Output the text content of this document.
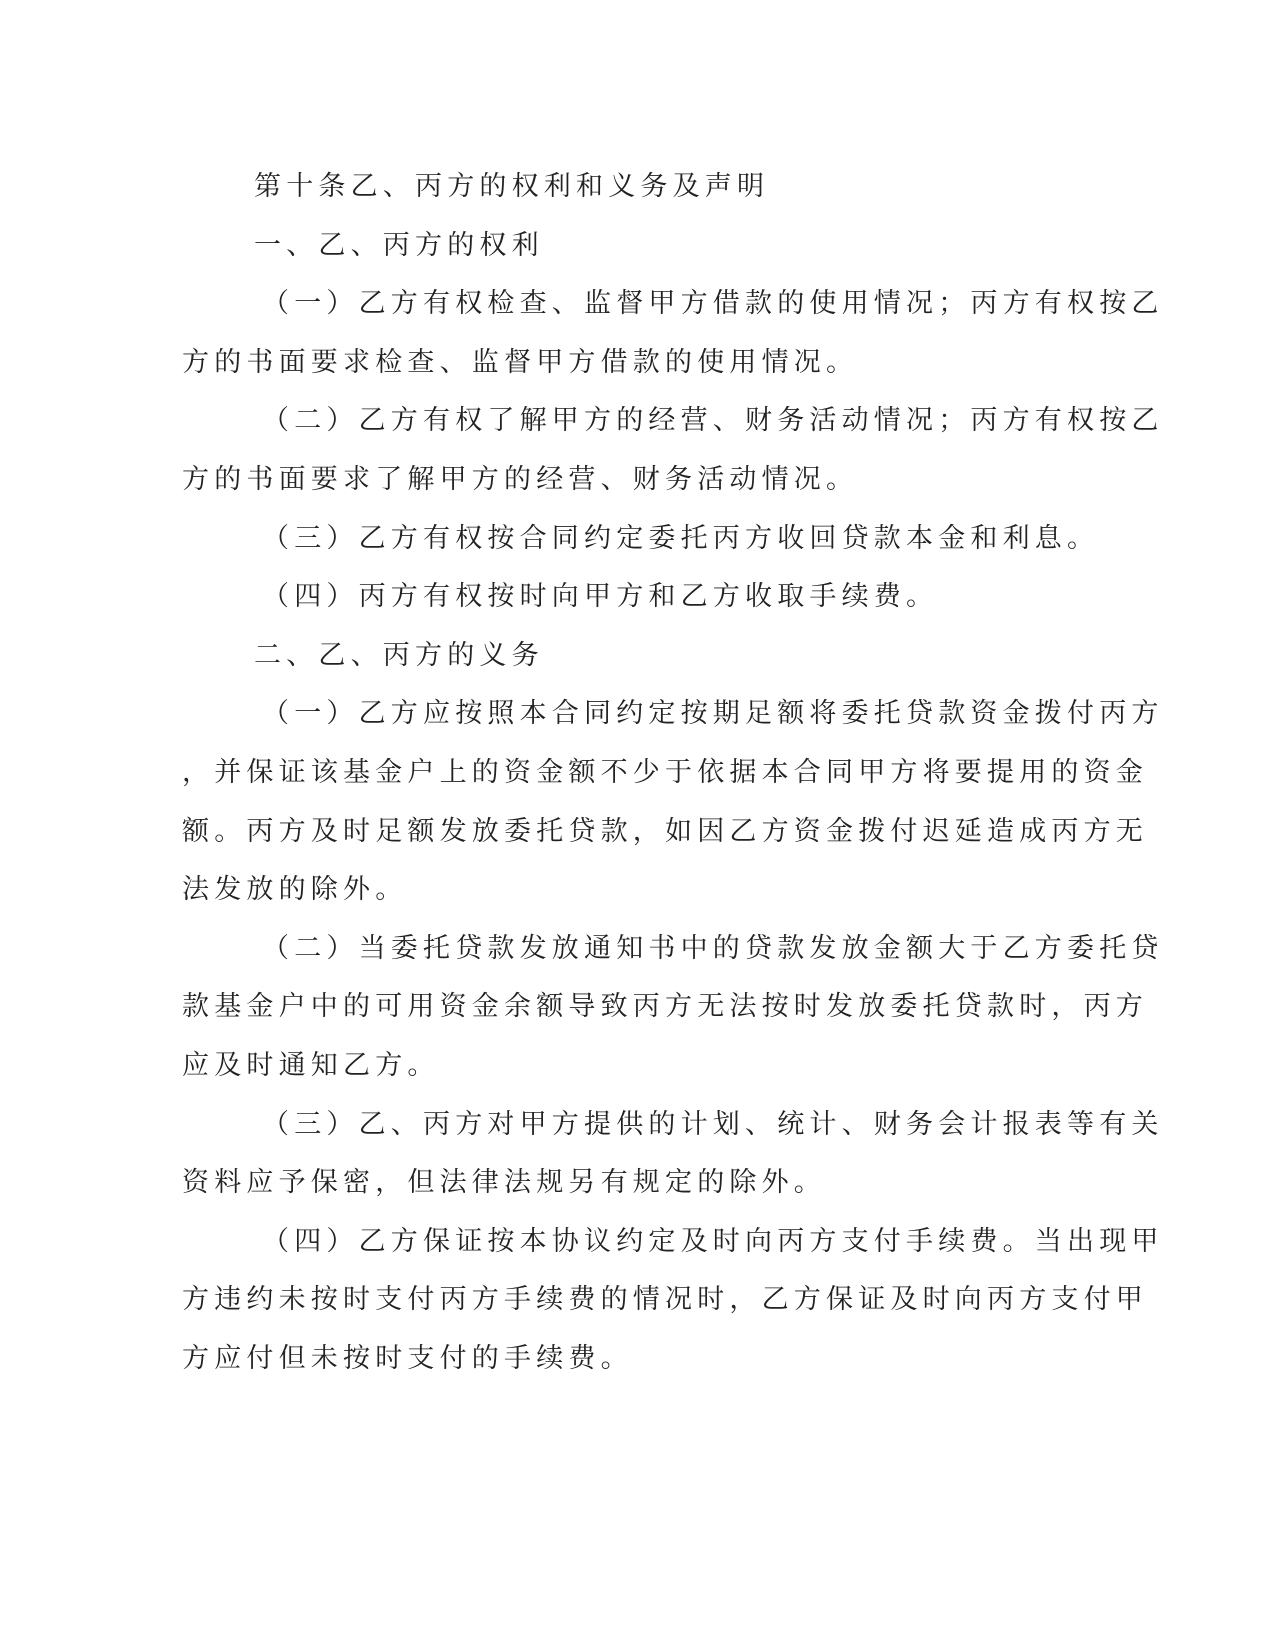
第十条乙、丙方的权利和义务及声明
一、乙、丙方的权利
（一）乙方有权检查、监督甲方借款的使用情况；丙方有权按乙
方的书面要求检查、监督甲方借款的使用情况。
（二）乙方有权了解甲方的经营、财务活动情况；丙方有权按乙
方的书面要求了解甲方的经营、财务活动情况。
（三）乙方有权按合同约定委托丙方收回贷款本金和利息。
（四）丙方有权按时向甲方和乙方收取手续费。
二、乙、丙方的义务
（一）乙方应按照本合同约定按期足额将委托贷款资金拨付丙方
，并保证该基金户上的资金额不少于依据本合同甲方将要提用的资金
额。丙方及时足额发放委托贷款，如因乙方资金拨付迟延造成丙方无
法发放的除外。
（二）当委托贷款发放通知书中的贷款发放金额大于乙方委托贷
款基金户中的可用资金余额导致丙方无法按时发放委托贷款时，丙方
应及时通知乙方。
（三）乙、丙方对甲方提供的计划、统计、财务会计报表等有关
资料应予保密，但法律法规另有规定的除外。
（四）乙方保证按本协议约定及时向丙方支付手续费。当出现甲
方违约未按时支付丙方手续费的情况时，乙方保证及时向丙方支付甲
方应付但未按时支付的手续费。
